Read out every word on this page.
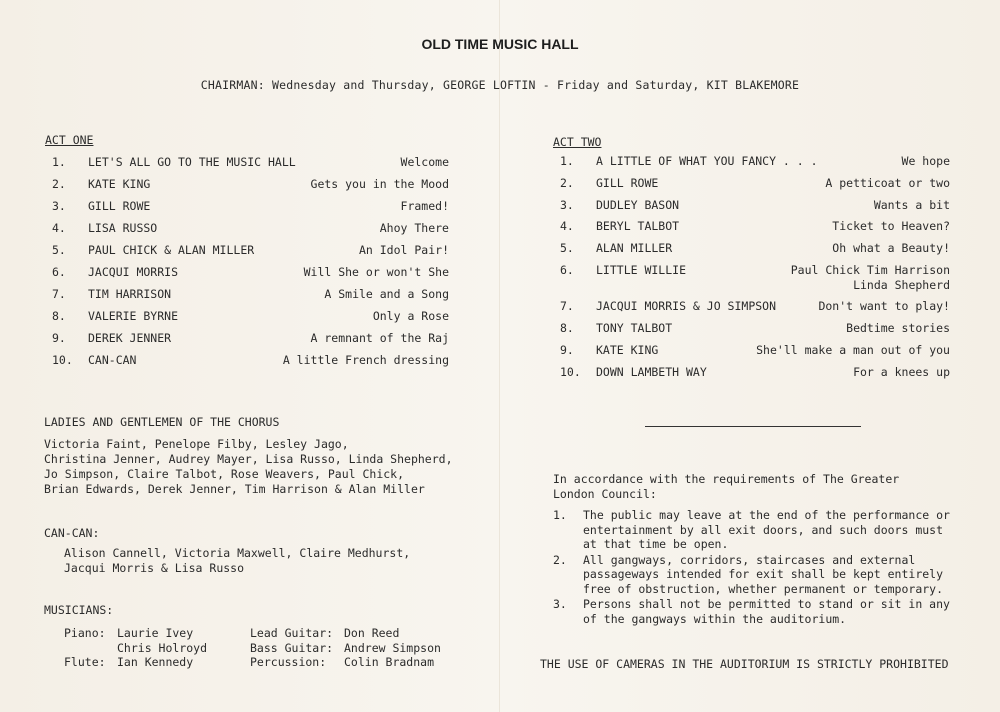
OLD TIME MUSIC HALL
CHAIRMAN: Wednesday and Thursday, GEORGE LOFTIN - Friday and Saturday, KIT BLAKEMORE
ACT ONE
1.	LET'S ALL GO TO THE MUSIC HALL	Welcome
2.	KATE KING	Gets you in the Mood
3.	GILL ROWE	Framed!
4.	LISA RUSSO	Ahoy There
5.	PAUL CHICK & ALAN MILLER	An Idol Pair!
6.	JACQUI MORRIS	Will She or won't She
7.	TIM HARRISON	A Smile and a Song
8.	VALERIE BYRNE	Only a Rose
9.	DEREK JENNER	A remnant of the Raj
10.	CAN-CAN	A little French dressing
ACT TWO
1.	A LITTLE OF WHAT YOU FANCY . . .	We hope
2.	GILL ROWE	A petticoat or two
3.	DUDLEY BASON	Wants a bit
4.	BERYL TALBOT	Ticket to Heaven?
5.	ALAN MILLER	Oh what a Beauty!
6.	LITTLE WILLIE	Paul Chick Tim Harrison
Linda Shepherd
7.	JACQUI MORRIS & JO SIMPSON	Don't want to play!
8.	TONY TALBOT	Bedtime stories
9.	KATE KING	She'll make a man out of you
10.	DOWN LAMBETH WAY	For a knees up
LADIES AND GENTLEMEN OF THE CHORUS
Victoria Faint, Penelope Filby, Lesley Jago,
Christina Jenner, Audrey Mayer, Lisa Russo, Linda Shepherd,
Jo Simpson, Claire Talbot, Rose Weavers, Paul Chick,
Brian Edwards, Derek Jenner, Tim Harrison & Alan Miller
CAN-CAN:
Alison Cannell, Victoria Maxwell, Claire Medhurst,
Jacqui Morris & Lisa Russo
MUSICIANS:
Piano: Laurie Ivey
Chris Holroyd
Flute: Ian Kennedy
Lead Guitar: Don Reed
Bass Guitar: Andrew Simpson
Percussion: Colin Bradnam
In accordance with the requirements of The Greater
London Council:
1. The public may leave at the end of the performance or entertainment by all exit doors, and such doors must at that time be open.
2. All gangways, corridors, staircases and external passageways intended for exit shall be kept entirely free of obstruction, whether permanent or temporary.
3. Persons shall not be permitted to stand or sit in any of the gangways within the auditorium.
THE USE OF CAMERAS IN THE AUDITORIUM IS STRICTLY PROHIBITED
